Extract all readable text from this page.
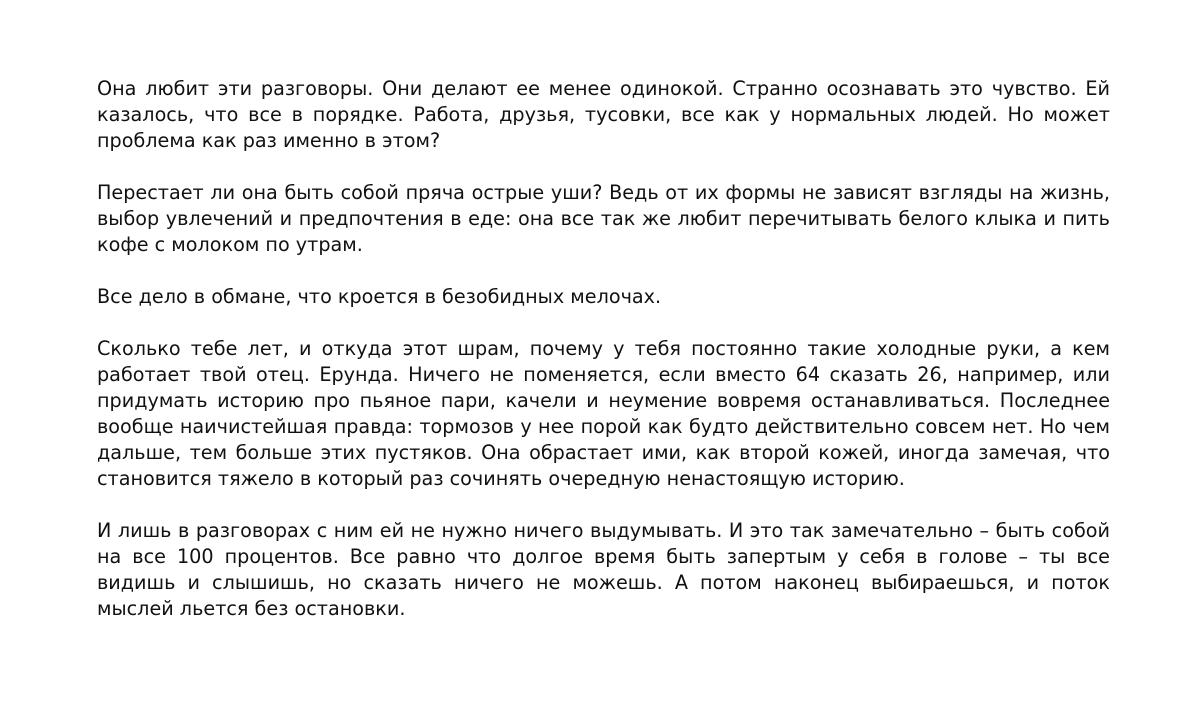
Она любит эти разговоры. Они делают ее менее одинокой. Странно осознавать это чувство. Ей казалось, что все в порядке. Работа, друзья, тусовки, все как у нормальных людей. Но может проблема как раз именно в этом?

Перестает ли она быть собой пряча острые уши? Ведь от их формы не зависят взгляды на жизнь, выбор увлечений и предпочтения в еде: она все так же любит перечитывать белого клыка и пить кофе с молоком по утрам.

Все дело в обмане, что кроется в безобидных мелочах.

Сколько тебе лет, и откуда этот шрам, почему у тебя постоянно такие холодные руки, а кем работает твой отец. Ерунда. Ничего не поменяется, если вместо 64 сказать 26, например, или придумать историю про пьяное пари, качели и неумение вовремя останавливаться. Последнее вообще наичистейшая правда: тормозов у нее порой как будто действительно совсем нет. Но чем дальше, тем больше этих пустяков. Она обрастает ими, как второй кожей, иногда замечая, что становится тяжело в который раз сочинять очередную ненастоящую историю.

И лишь в разговорах с ним ей не нужно ничего выдумывать. И это так замечательно – быть собой на все 100 процентов. Все равно что долгое время быть запертым у себя в голове – ты все видишь и слышишь, но сказать ничего не можешь. А потом наконец выбираешься, и поток мыслей льется без остановки.
